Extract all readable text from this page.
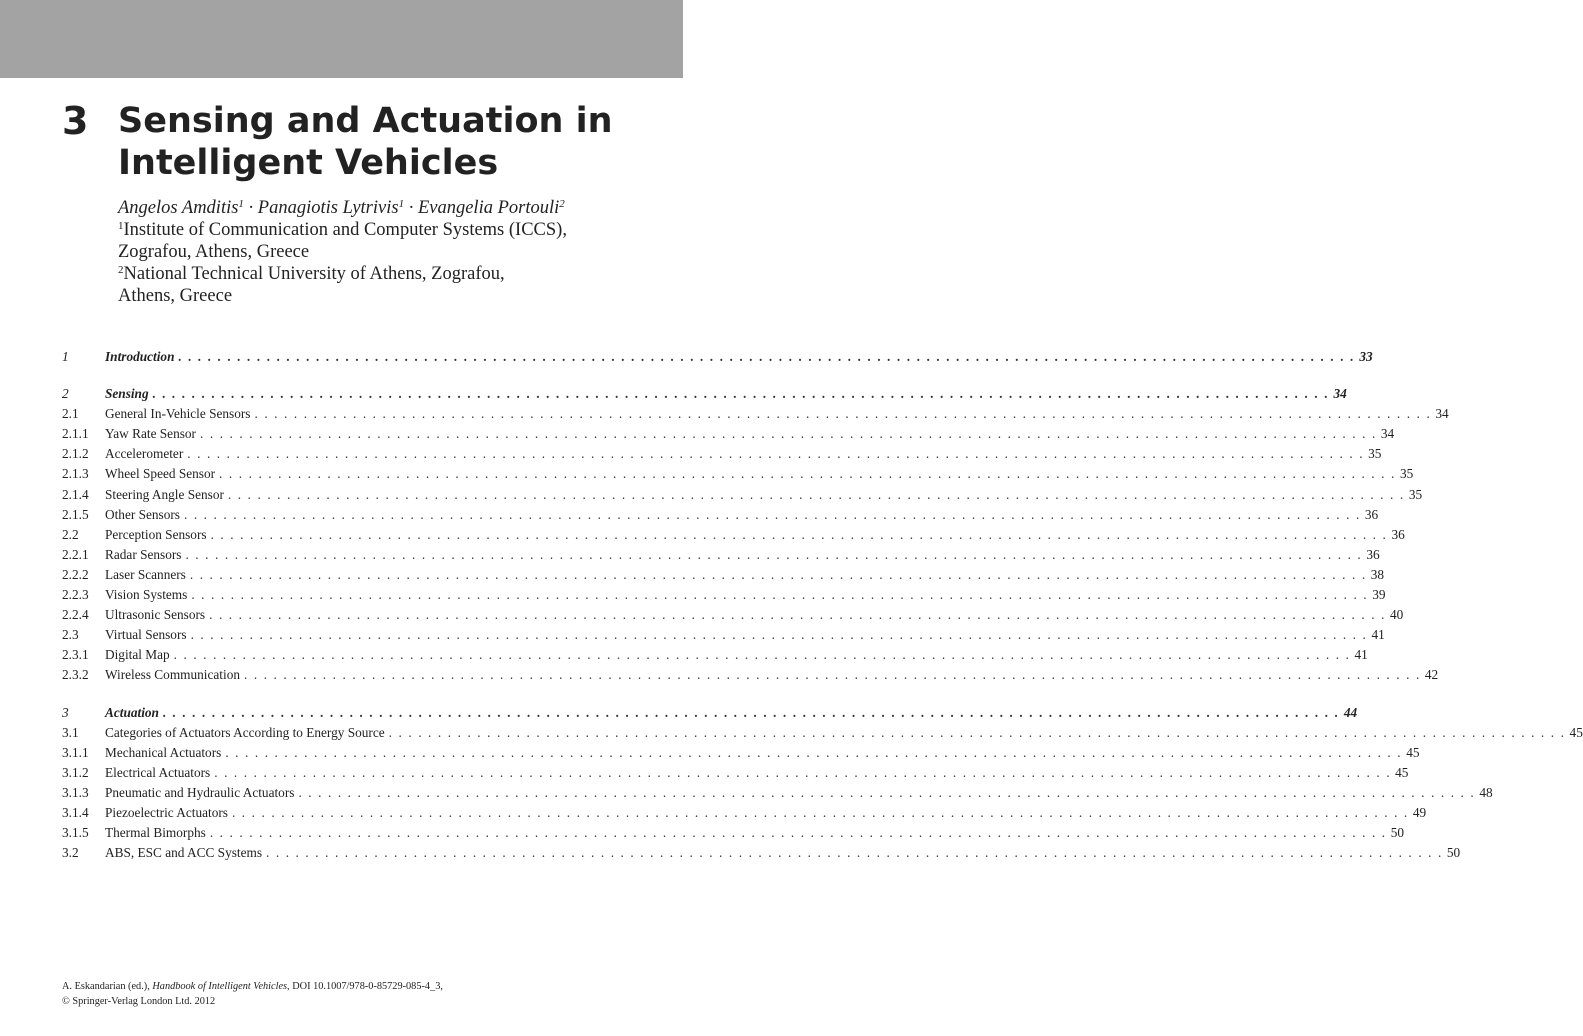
3 Sensing and Actuation in Intelligent Vehicles
Angelos Amditis$^1$ · Panagiotis Lytrivis$^1$ · Evangelia Portouli$^2$
$^1$Institute of Communication and Computer Systems (ICCS),
Zografou, Athens, Greece
$^2$National Technical University of Athens, Zografou,
Athens, Greece
1	Introduction . . . . . . . . . . . . . . . . . . . . . . . . . . . . . . . . . . . . . . . . . . . . . . . . . . . . . . . . . . . . . . . . . . . . . . . . . . . . . . . . . . . . . . . . . . . . . . . . . . . . . . . . . . . . . . . . . . . . . . . . 33
2	Sensing . . . . . . . . . . . . . . . . . . . . . . . . . . . . . . . . . . . . . . . . . . . . . . . . . . . . . . . . . . . . . . . . . . . . . . . . . . . . . . . . . . . . . . . . . . . . . . . . . . . . . . . . . . . . . . . . . . . . . . . . 34
2.1	General In-Vehicle Sensors . . . . . . . . . . . . . . . . . . . . . . . . . . . . . . . . . . . . . . . . . . . . . . . . . . . . . . . . . . . . . . . . . . . . . . . . . . . . . . . . . . . . . . . . . . . . . . . . . . . . . . . . . . . . . . . . . . . . . . . . 34
2.1.1	Yaw Rate Sensor . . . . . . . . . . . . . . . . . . . . . . . . . . . . . . . . . . . . . . . . . . . . . . . . . . . . . . . . . . . . . . . . . . . . . . . . . . . . . . . . . . . . . . . . . . . . . . . . . . . . . . . . . . . . . . . . . . . . . . . . 34
2.1.2	Accelerometer . . . . . . . . . . . . . . . . . . . . . . . . . . . . . . . . . . . . . . . . . . . . . . . . . . . . . . . . . . . . . . . . . . . . . . . . . . . . . . . . . . . . . . . . . . . . . . . . . . . . . . . . . . . . . . . . . . . . . . . . 35
2.1.3	Wheel Speed Sensor . . . . . . . . . . . . . . . . . . . . . . . . . . . . . . . . . . . . . . . . . . . . . . . . . . . . . . . . . . . . . . . . . . . . . . . . . . . . . . . . . . . . . . . . . . . . . . . . . . . . . . . . . . . . . . . . . . . . . . . . 35
2.1.4	Steering Angle Sensor . . . . . . . . . . . . . . . . . . . . . . . . . . . . . . . . . . . . . . . . . . . . . . . . . . . . . . . . . . . . . . . . . . . . . . . . . . . . . . . . . . . . . . . . . . . . . . . . . . . . . . . . . . . . . . . . . . . . . . . . 35
2.1.5	Other Sensors . . . . . . . . . . . . . . . . . . . . . . . . . . . . . . . . . . . . . . . . . . . . . . . . . . . . . . . . . . . . . . . . . . . . . . . . . . . . . . . . . . . . . . . . . . . . . . . . . . . . . . . . . . . . . . . . . . . . . . . . 36
2.2	Perception Sensors . . . . . . . . . . . . . . . . . . . . . . . . . . . . . . . . . . . . . . . . . . . . . . . . . . . . . . . . . . . . . . . . . . . . . . . . . . . . . . . . . . . . . . . . . . . . . . . . . . . . . . . . . . . . . . . . . . . . . . . . 36
2.2.1	Radar Sensors . . . . . . . . . . . . . . . . . . . . . . . . . . . . . . . . . . . . . . . . . . . . . . . . . . . . . . . . . . . . . . . . . . . . . . . . . . . . . . . . . . . . . . . . . . . . . . . . . . . . . . . . . . . . . . . . . . . . . . . . 36
2.2.2	Laser Scanners . . . . . . . . . . . . . . . . . . . . . . . . . . . . . . . . . . . . . . . . . . . . . . . . . . . . . . . . . . . . . . . . . . . . . . . . . . . . . . . . . . . . . . . . . . . . . . . . . . . . . . . . . . . . . . . . . . . . . . . . 38
2.2.3	Vision Systems . . . . . . . . . . . . . . . . . . . . . . . . . . . . . . . . . . . . . . . . . . . . . . . . . . . . . . . . . . . . . . . . . . . . . . . . . . . . . . . . . . . . . . . . . . . . . . . . . . . . . . . . . . . . . . . . . . . . . . . . 39
2.2.4	Ultrasonic Sensors . . . . . . . . . . . . . . . . . . . . . . . . . . . . . . . . . . . . . . . . . . . . . . . . . . . . . . . . . . . . . . . . . . . . . . . . . . . . . . . . . . . . . . . . . . . . . . . . . . . . . . . . . . . . . . . . . . . . . . . . 40
2.3	Virtual Sensors . . . . . . . . . . . . . . . . . . . . . . . . . . . . . . . . . . . . . . . . . . . . . . . . . . . . . . . . . . . . . . . . . . . . . . . . . . . . . . . . . . . . . . . . . . . . . . . . . . . . . . . . . . . . . . . . . . . . . . . . 41
2.3.1	Digital Map . . . . . . . . . . . . . . . . . . . . . . . . . . . . . . . . . . . . . . . . . . . . . . . . . . . . . . . . . . . . . . . . . . . . . . . . . . . . . . . . . . . . . . . . . . . . . . . . . . . . . . . . . . . . . . . . . . . . . . . . 41
2.3.2	Wireless Communication . . . . . . . . . . . . . . . . . . . . . . . . . . . . . . . . . . . . . . . . . . . . . . . . . . . . . . . . . . . . . . . . . . . . . . . . . . . . . . . . . . . . . . . . . . . . . . . . . . . . . . . . . . . . . . . . . . . . . . . . 42
3	Actuation . . . . . . . . . . . . . . . . . . . . . . . . . . . . . . . . . . . . . . . . . . . . . . . . . . . . . . . . . . . . . . . . . . . . . . . . . . . . . . . . . . . . . . . . . . . . . . . . . . . . . . . . . . . . . . . . . . . . . . . . 44
3.1	Categories of Actuators According to Energy Source . . . . . . . . . . . . . . . . . . . . . . . . . . . . . . . . . . . . . . . . . . . . . . . . . . . . . . . . . . . . . . . . . . . . . . . . . . . . . . . . . . . . . . . . . . . . . . . . . . . . . . . . . . . . . . . . . . . . . . . . 45
3.1.1	Mechanical Actuators . . . . . . . . . . . . . . . . . . . . . . . . . . . . . . . . . . . . . . . . . . . . . . . . . . . . . . . . . . . . . . . . . . . . . . . . . . . . . . . . . . . . . . . . . . . . . . . . . . . . . . . . . . . . . . . . . . . . . . . . 45
3.1.2	Electrical Actuators . . . . . . . . . . . . . . . . . . . . . . . . . . . . . . . . . . . . . . . . . . . . . . . . . . . . . . . . . . . . . . . . . . . . . . . . . . . . . . . . . . . . . . . . . . . . . . . . . . . . . . . . . . . . . . . . . . . . . . . . 45
3.1.3	Pneumatic and Hydraulic Actuators . . . . . . . . . . . . . . . . . . . . . . . . . . . . . . . . . . . . . . . . . . . . . . . . . . . . . . . . . . . . . . . . . . . . . . . . . . . . . . . . . . . . . . . . . . . . . . . . . . . . . . . . . . . . . . . . . . . . . . . . 48
3.1.4	Piezoelectric Actuators . . . . . . . . . . . . . . . . . . . . . . . . . . . . . . . . . . . . . . . . . . . . . . . . . . . . . . . . . . . . . . . . . . . . . . . . . . . . . . . . . . . . . . . . . . . . . . . . . . . . . . . . . . . . . . . . . . . . . . . . 49
3.1.5	Thermal Bimorphs . . . . . . . . . . . . . . . . . . . . . . . . . . . . . . . . . . . . . . . . . . . . . . . . . . . . . . . . . . . . . . . . . . . . . . . . . . . . . . . . . . . . . . . . . . . . . . . . . . . . . . . . . . . . . . . . . . . . . . . . 50
3.2	ABS, ESC and ACC Systems . . . . . . . . . . . . . . . . . . . . . . . . . . . . . . . . . . . . . . . . . . . . . . . . . . . . . . . . . . . . . . . . . . . . . . . . . . . . . . . . . . . . . . . . . . . . . . . . . . . . . . . . . . . . . . . . . . . . . . . . 50
A. Eskandarian (ed.), Handbook of Intelligent Vehicles, DOI 10.1007/978-0-85729-085-4_3,
© Springer-Verlag London Ltd. 2012
